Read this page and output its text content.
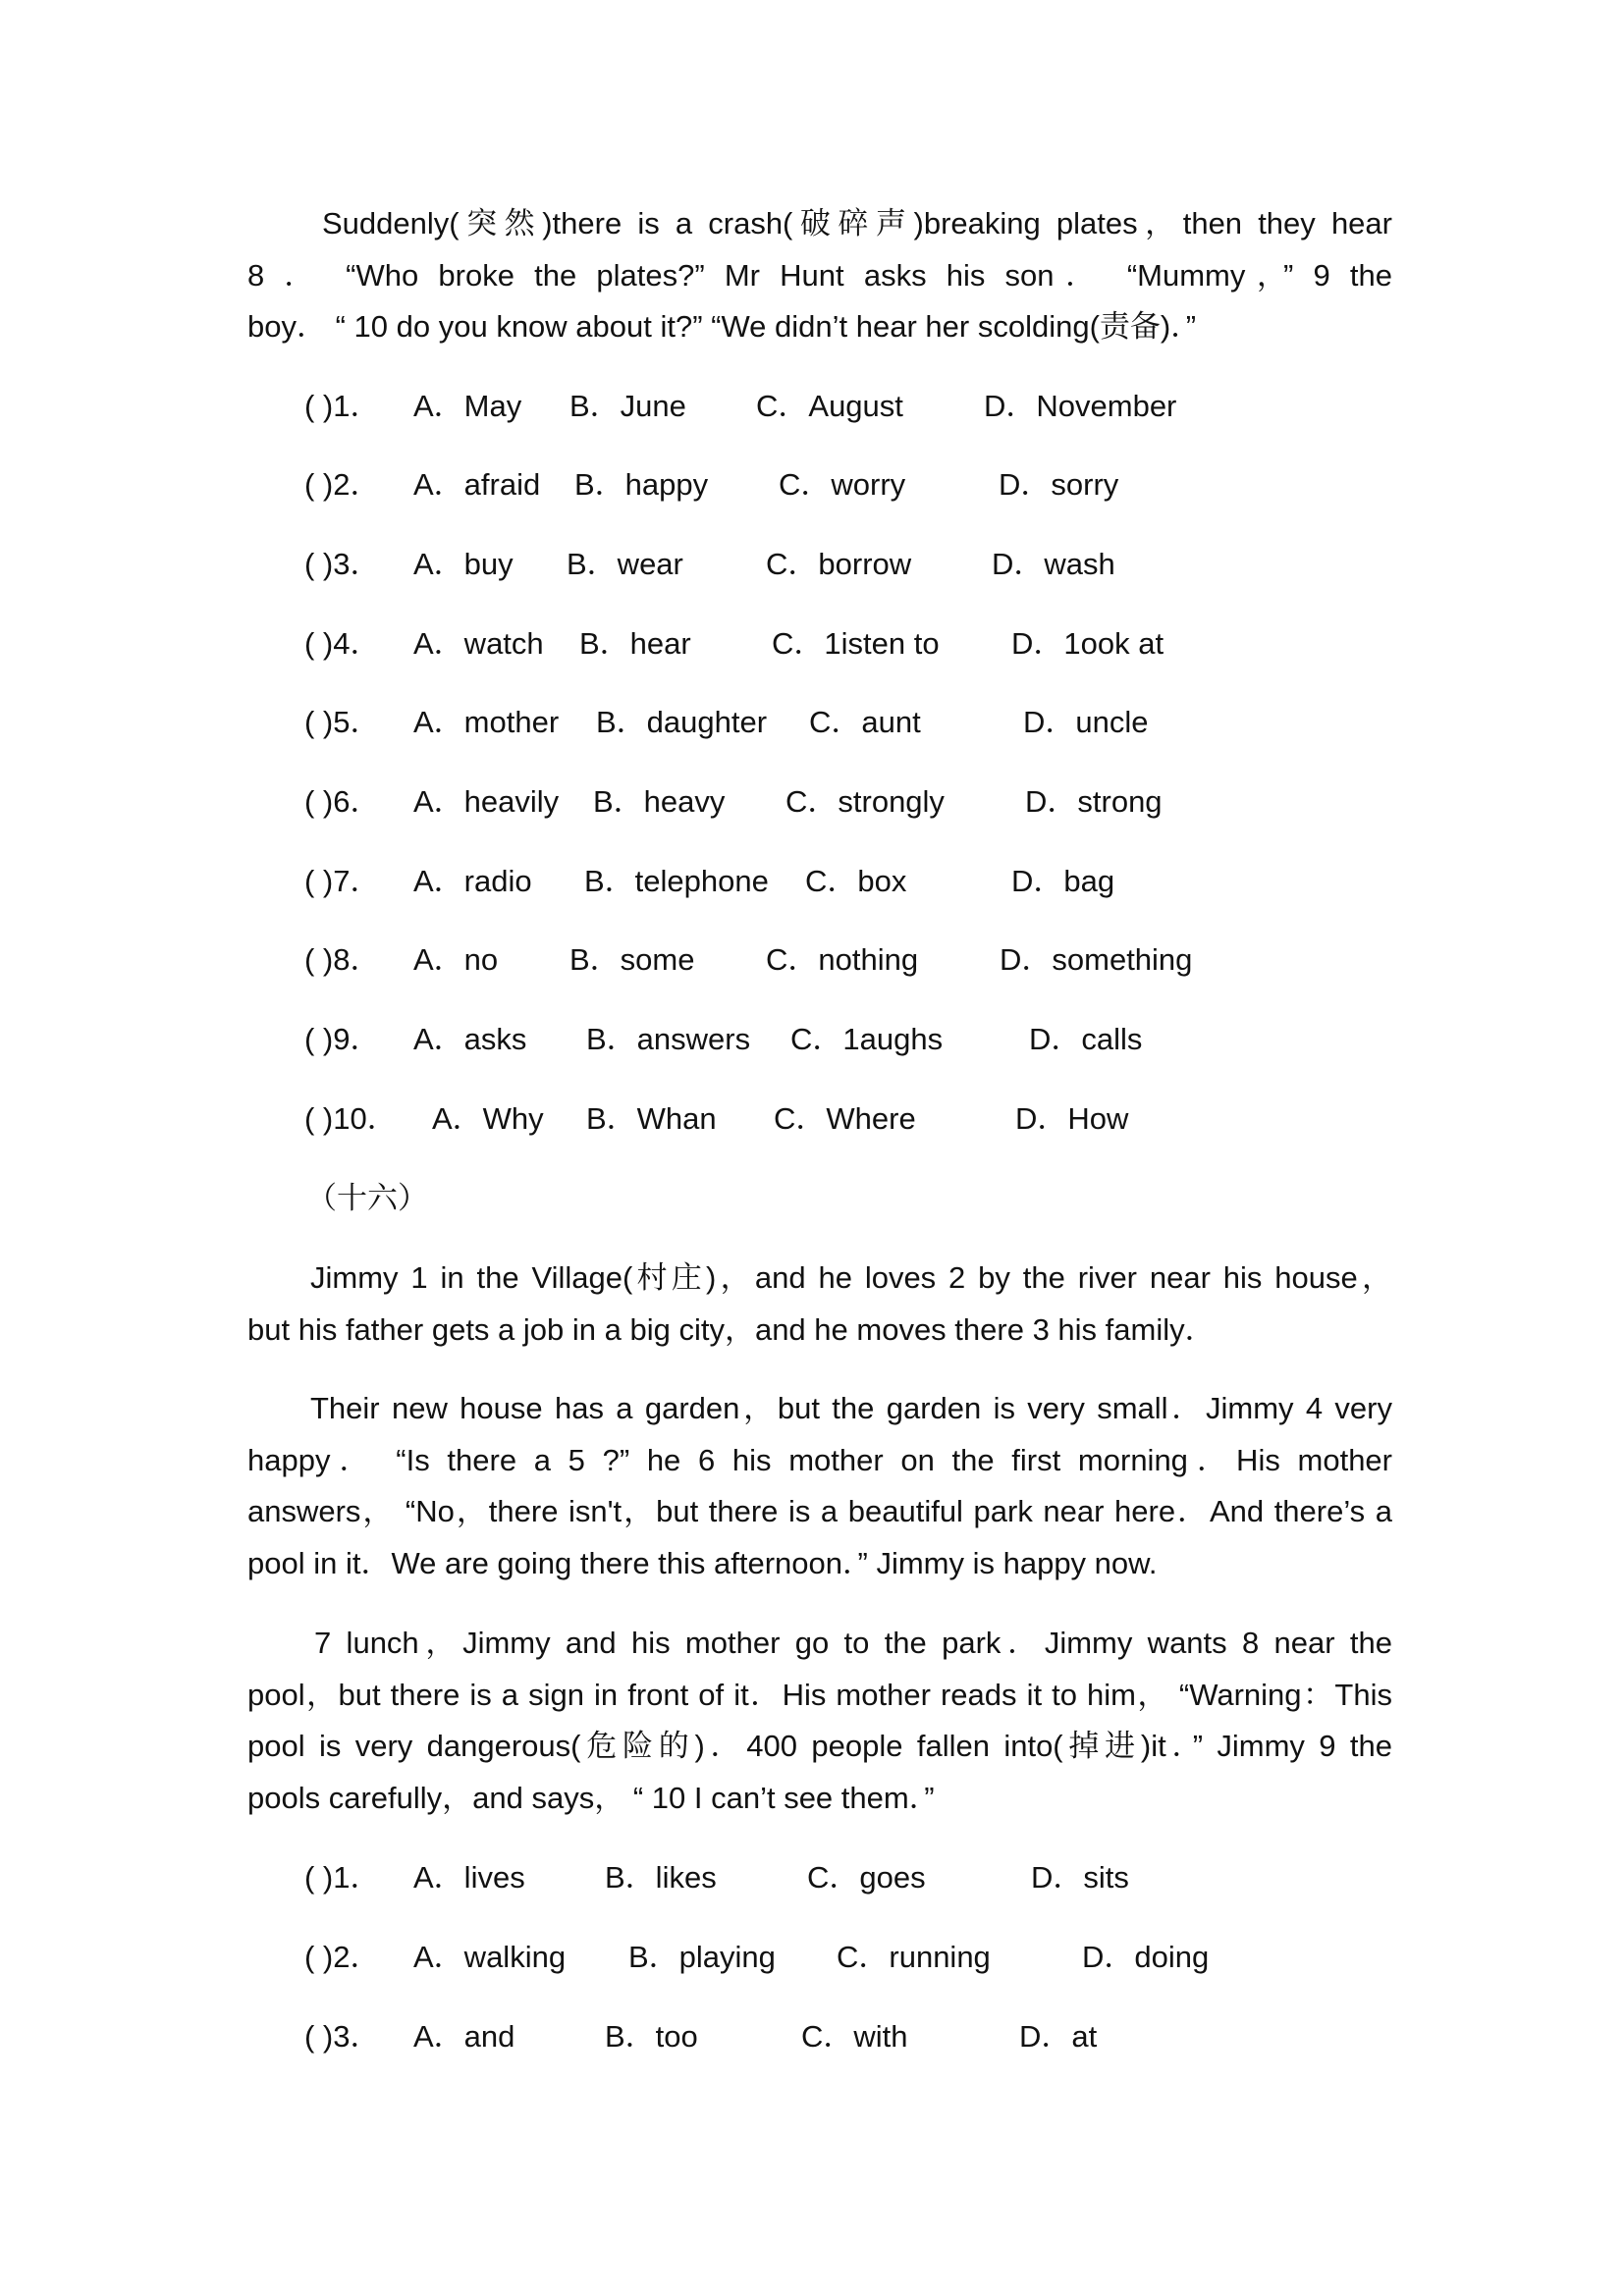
Suddenly(突然)there is a crash(破碎声)breaking plates，then they hear
8 ． “Who broke the plates?” Mr Hunt asks his son． “Mummy，” 9 the
boy． “ 10 do you know about it?” “We didn’t hear her scolding(责备)．”
( )1． A．May B．June C．August	D．November
( )2． A．afraid B．happy C．worry	D．sorry
( )3． A．buy B．wear	C．borrow	D．wash
( )4． A．watch B．hear	C．1isten to D．1ook at
( )5． A．mother B．daughter C．aunt	D．uncle
( )6． A．heavily B．heavy C．strongly	D．strong
( )7． A．radio B．telephone C．box	D．bag
( )8． A．no B．some C．nothing	D．something
( )9． A．asks B．answers C．1aughs	D．calls
( )10． A．Why B．Whan C．Where	D．How
（十六）
Jimmy 1 in the Village(村庄)，and he loves 2 by the river near his house，
but his father gets a job in a big city，and he moves there 3 his family．
Their new house has a garden，but the garden is very small．Jimmy 4 very
happy． “Is there a 5 ?” he 6 his mother on the first morning．His mother
answers， “No，there isn't，but there is a beautiful park near here．And there’s a
pool in it．We are going there this afternoon．” Jimmy is happy now.
7 lunch，Jimmy and his mother go to the park．Jimmy wants 8 near the
pool，but there is a sign in front of it．His mother reads it to him， “Warning：This
pool is very dangerous(危险的)．400 people fallen into(掉进)it．” Jimmy 9 the
pools carefully，and says， “ 10 I can’t see them．”
( )1． A．lives	B．likes	C．goes	D．sits
( )2． A．walking B．playing C．running	D．doing
( )3． A．and	B．too	C．with	D．at
